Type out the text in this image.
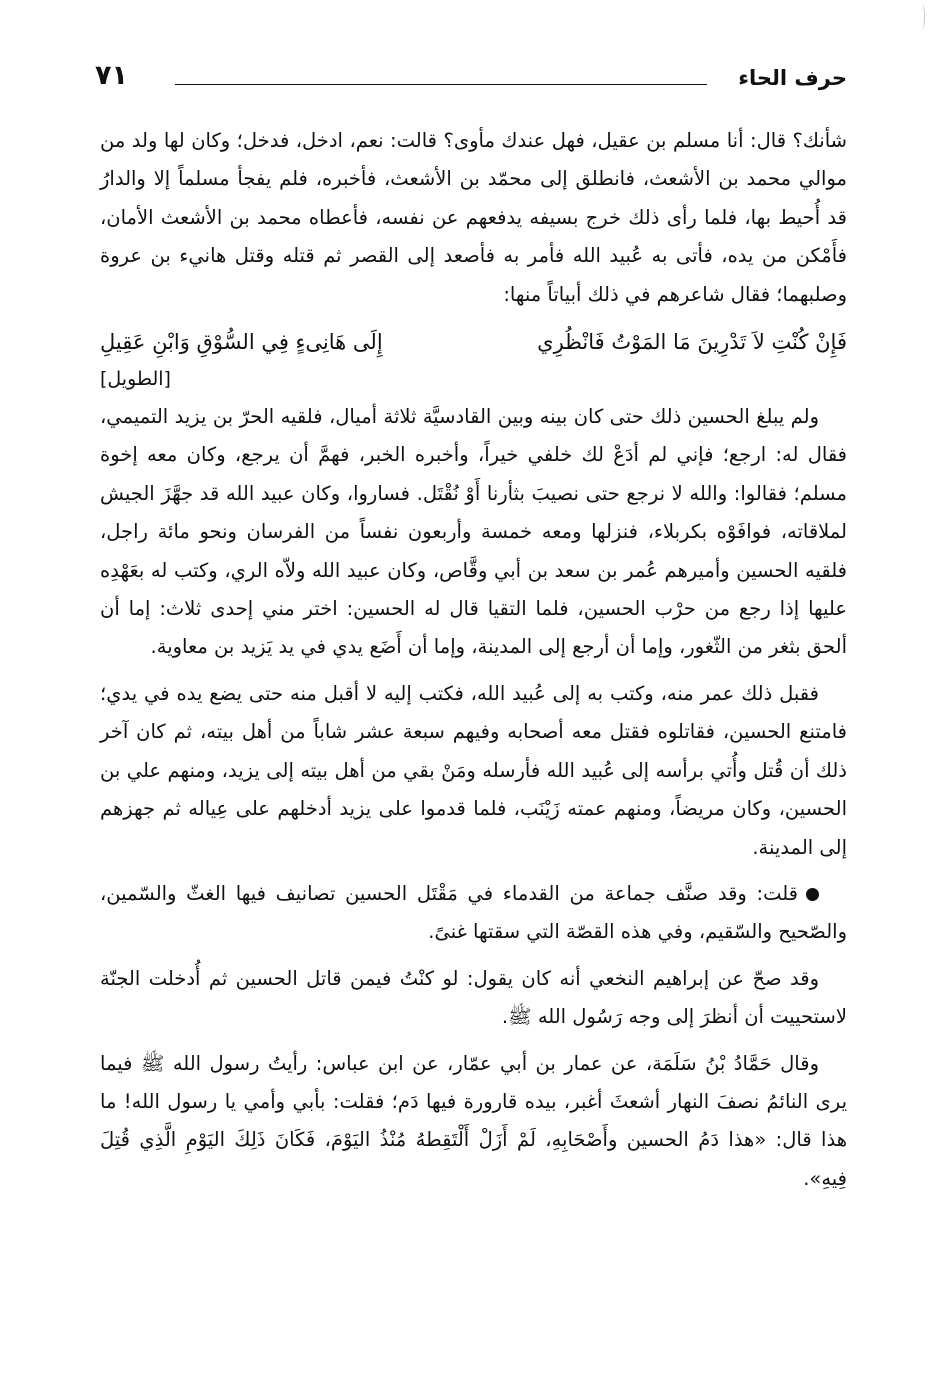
حرف الحاء
٧١

شأنك؟ قال: أنا مسلم بن عقيل، فهل عندك مأوى؟ قالت: نعم، ادخل، فدخل؛ وكان لها ولد من موالي محمد بن الأشعث، فانطلق إلى محمّد بن الأشعث، فأخبره، فلم يفجأ مسلماً إلا والدارُ قد أُحيط بها، فلما رأى ذلك خرج بسيفه يدفعهم عن نفسه، فأعطاه محمد بن الأشعث الأمان، فأَمْكن من يده، فأتى به عُبيد الله فأمر به فأصعد إلى القصر ثم قتله وقتل هانيء بن عروة وصلبهما؛ فقال شاعرهم في ذلك أبياتاً منها:

فَإِنْ كُنْتِ لاَ تَدْرِينَ مَا المَوْتُ فَانْظُرِي
إِلَى هَانِىءٍ فِي السُّوْقِ وَابْنِ عَقِيلِ
[الطويل]

ولم يبلغ الحسين ذلك حتى كان بينه وبين القادسيَّة ثلاثة أميال، فلقيه الحرّ بن يزيد التميمي، فقال له: ارجع؛ فإني لم أدَعْ لك خلفي خيراً، وأخبره الخبر، فهمَّ أن يرجع، وكان معه إخوة مسلم؛ فقالوا: والله لا نرجع حتى نصيبَ بثأرنا أَوْ نُقْتَل. فساروا، وكان عبيد الله قد جهَّزَ الجيش لملاقاته، فوافَوْه بكربلاء، فنزلها ومعه خمسة وأربعون نفساً من الفرسان ونحو مائة راجل، فلقيه الحسين وأميرهم عُمر بن سعد بن أبي وقَّاص، وكان عبيد الله ولاّه الري، وكتب له بعَهْدِه عليها إذا رجع من حرْب الحسين، فلما التقيا قال له الحسين: اختر مني إحدى ثلاث: إما أن ألحق بثغر من الثّغور، وإما أن أرجع إلى المدينة، وإما أن أَضَع يدي في يد يَزيد بن معاوية.

فقبل ذلك عمر منه، وكتب به إلى عُبيد الله، فكتب إليه لا أقبل منه حتى يضع يده في يدي؛ فامتنع الحسين، فقاتلوه فقتل معه أصحابه وفيهم سبعة عشر شاباً من أهل بيته، ثم كان آخر ذلك أن قُتل وأُتي برأسه إلى عُبيد الله فأرسله ومَنْ بقي من أهل بيته إلى يزيد، ومنهم علي بن الحسين، وكان مريضاً، ومنهم عمته زَيْنَب، فلما قدموا على يزيد أدخلهم على عِياله ثم جهزهم إلى المدينة.

قلت: وقد صنَّف جماعة من القدماء في مَقْتَل الحسين تصانيف فيها الغثّ والسّمين، والصّحيح والسّقيم، وفي هذه القصّة التي سقتها غنىً.

وقد صحّ عن إبراهيم النخعي أنه كان يقول: لو كنْتُ فيمن قاتل الحسين ثم أُدخلت الجنّة لاستحييت أن أنظرَ إلى وجه رَسُول الله ﷺ.

وقال حَمَّادُ بْنُ سَلَمَة، عن عمار بن أبي عمّار، عن ابن عباس: رأيتُ رسول الله ﷺ فيما يرى النائمُ نصفَ النهار أشعثَ أغبر، بيده قارورة فيها دَم؛ فقلت: بأبي وأمي يا رسول الله! ما هذا قال: «هذا دَمُ الحسين وأَصْحَابِهِ، لَمْ أَزَلْ أَلْتَقِطهُ مُنْذُ اليَوْمَ، فَكَانَ ذَلِكَ اليَوْمِ الَّذِي قُتِلَ فِيهِ».
